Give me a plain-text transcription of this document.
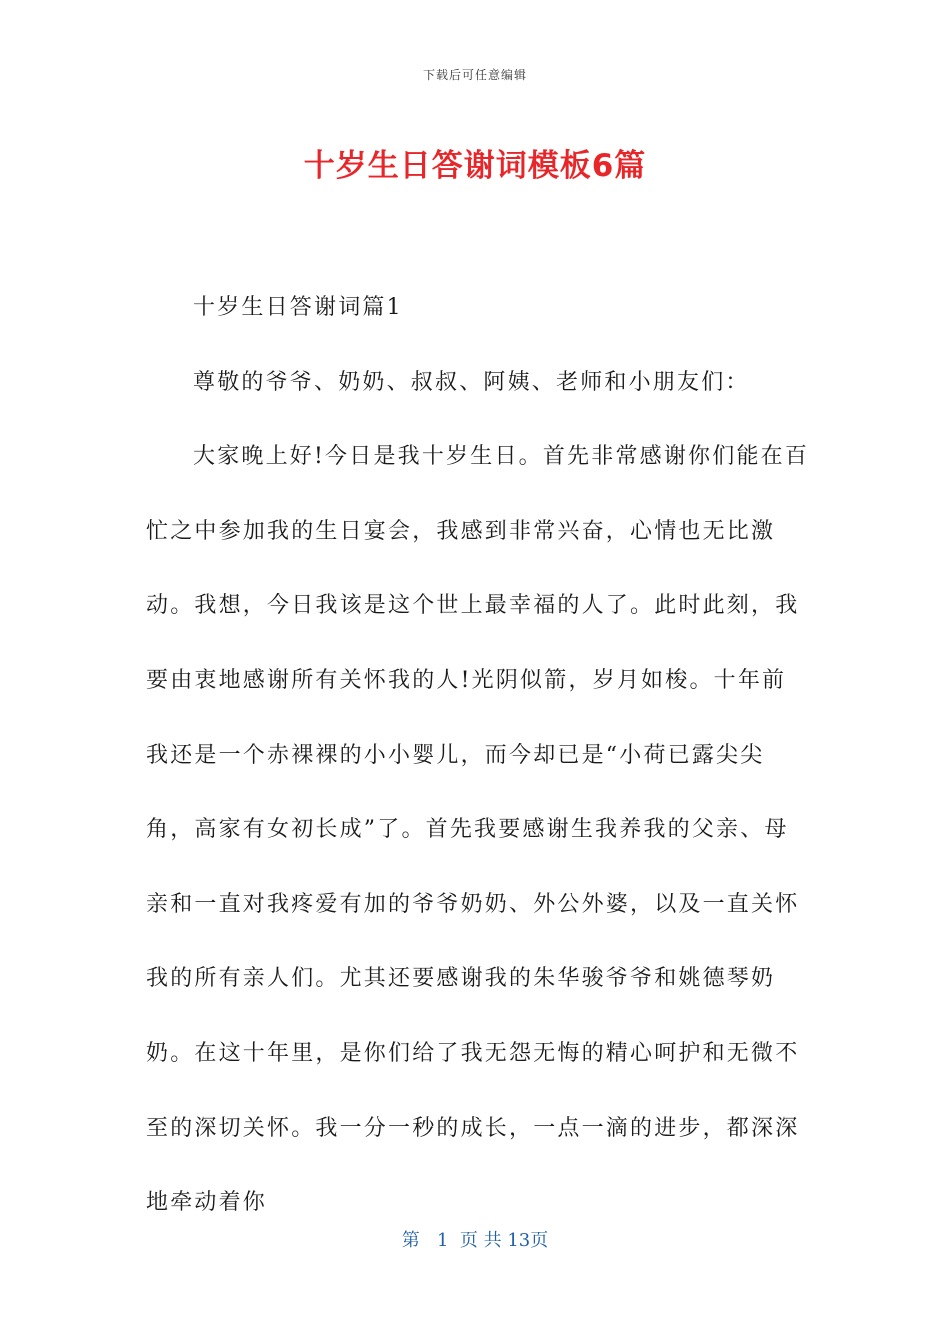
下载后可任意编辑
十岁生日答谢词模板6篇

十岁生日答谢词篇1

尊敬的爷爷、奶奶、叔叔、阿姨、老师和小朋友们：

大家晚上好!今日是我十岁生日。首先非常感谢你们能在百忙之中参加我的生日宴会，我感到非常兴奋，心情也无比激动。我想，今日我该是这个世上最幸福的人了。此时此刻，我要由衷地感谢所有关怀我的人!光阴似箭，岁月如梭。十年前我还是一个赤裸裸的小小婴儿，而今却已是“小荷已露尖尖角，高家有女初长成”了。首先我要感谢生我养我的父亲、母亲和一直对我疼爱有加的爷爷奶奶、外公外婆，以及一直关怀我的所有亲人们。尤其还要感谢我的朱华骏爷爷和姚德琴奶奶。在这十年里，是你们给了我无怨无悔的精心呵护和无微不至的深切关怀。我一分一秒的成长，一点一滴的进步，都深深地牵动着你

第 1 页 共 13页
